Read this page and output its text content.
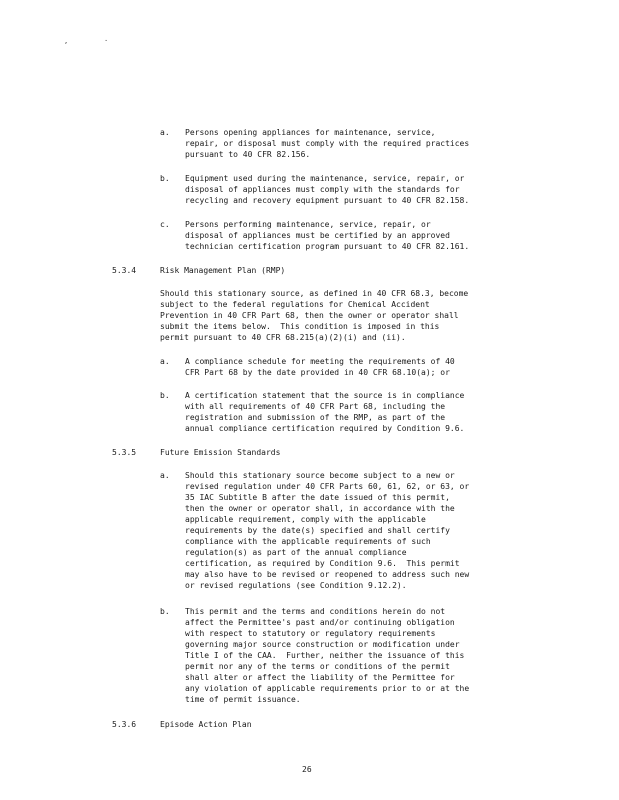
,	.
a. Persons opening appliances for maintenance, service,
repair, or disposal must comply with the required practices
pursuant to 40 CFR 82.156.
b. Equipment used during the maintenance, service, repair, or
disposal of appliances must comply with the standards for
recycling and recovery equipment pursuant to 40 CFR 82.158.
c. Persons performing maintenance, service, repair, or
disposal of appliances must be certified by an approved
technician certification program pursuant to 40 CFR 82.161.
5.3.4	Risk Management Plan (RMP)
Should this stationary source, as defined in 40 CFR 68.3, become
subject to the federal regulations for Chemical Accident
Prevention in 40 CFR Part 68, then the owner or operator shall
submit the items below.  This condition is imposed in this
permit pursuant to 40 CFR 68.215(a)(2)(i) and (ii).
a. A compliance schedule for meeting the requirements of 40
CFR Part 68 by the date provided in 40 CFR 68.10(a); or
b. A certification statement that the source is in compliance
with all requirements of 40 CFR Part 68, including the
registration and submission of the RMP, as part of the
annual compliance certification required by Condition 9.6.
5.3.5	Future Emission Standards
a. Should this stationary source become subject to a new or
revised regulation under 40 CFR Parts 60, 61, 62, or 63, or
35 IAC Subtitle B after the date issued of this permit,
then the owner or operator shall, in accordance with the
applicable requirement, comply with the applicable
requirements by the date(s) specified and shall certify
compliance with the applicable requirements of such
regulation(s) as part of the annual compliance
certification, as required by Condition 9.6.  This permit
may also have to be revised or reopened to address such new
or revised regulations (see Condition 9.12.2).
b. This permit and the terms and conditions herein do not
affect the Permittee's past and/or continuing obligation
with respect to statutory or regulatory requirements
governing major source construction or modification under
Title I of the CAA.  Further, neither the issuance of this
permit nor any of the terms or conditions of the permit
shall alter or affect the liability of the Permittee for
any violation of applicable requirements prior to or at the
time of permit issuance.
5.3.6	Episode Action Plan
26
